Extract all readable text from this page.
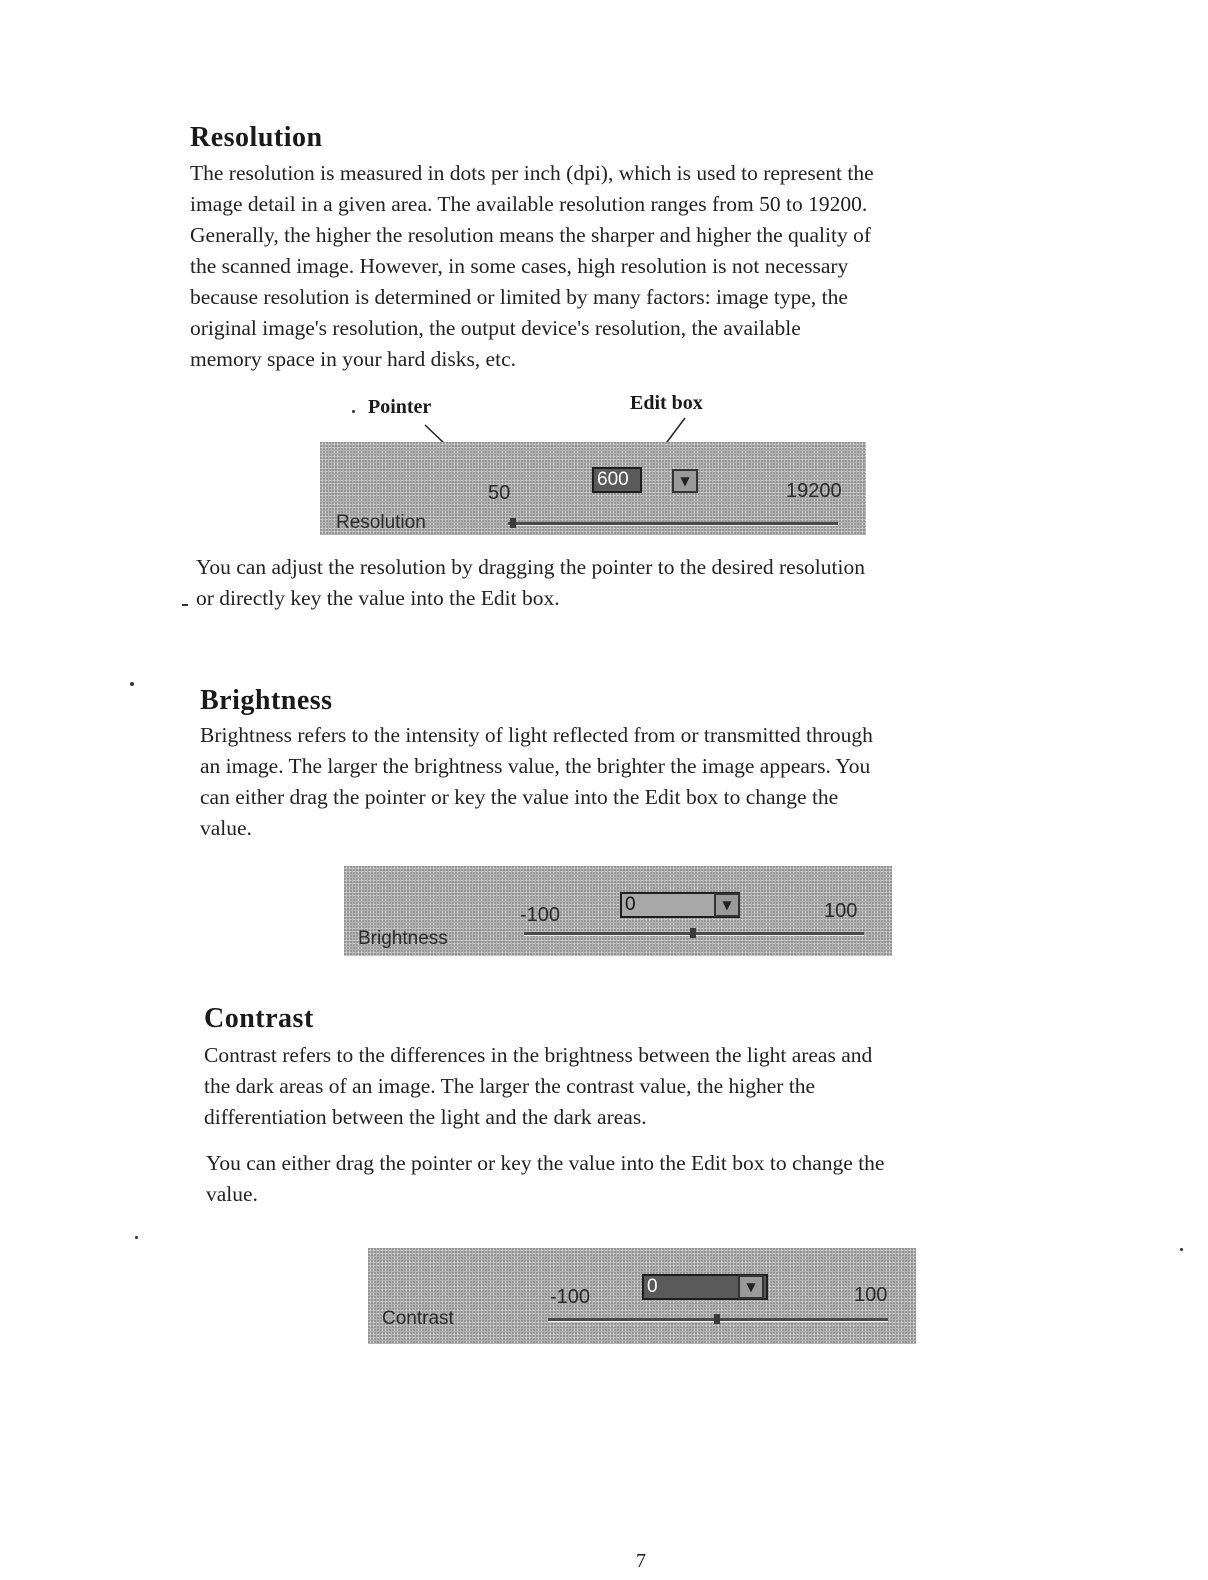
Resolution
The resolution is measured in dots per inch (dpi), which is used to represent the
image detail in a given area. The available resolution ranges from 50 to 19200.
Generally, the higher the resolution means the sharper and higher the quality of
the scanned image. However, in some cases, high resolution is not necessary
because resolution is determined or limited by many factors: image type, the
original image's resolution, the output device's resolution, the available
memory space in your hard disks, etc.
Pointer	Edit box
Resolution
50
600	▼	19200
You can adjust the resolution by dragging the pointer to the desired resolution
or directly key the value into the Edit box.
Brightness
Brightness refers to the intensity of light reflected from or transmitted through
an image. The larger the brightness value, the brighter the image appears. You
can either drag the pointer or key the value into the Edit box to change the
value.
Brightness
-100	0	▼	100
Contrast
Contrast refers to the differences in the brightness between the light areas and
the dark areas of an image. The larger the contrast value, the higher the
differentiation between the light and the dark areas.
You can either drag the pointer or key the value into the Edit box to change the
value.
Contrast
-100	0	▼	100
7
